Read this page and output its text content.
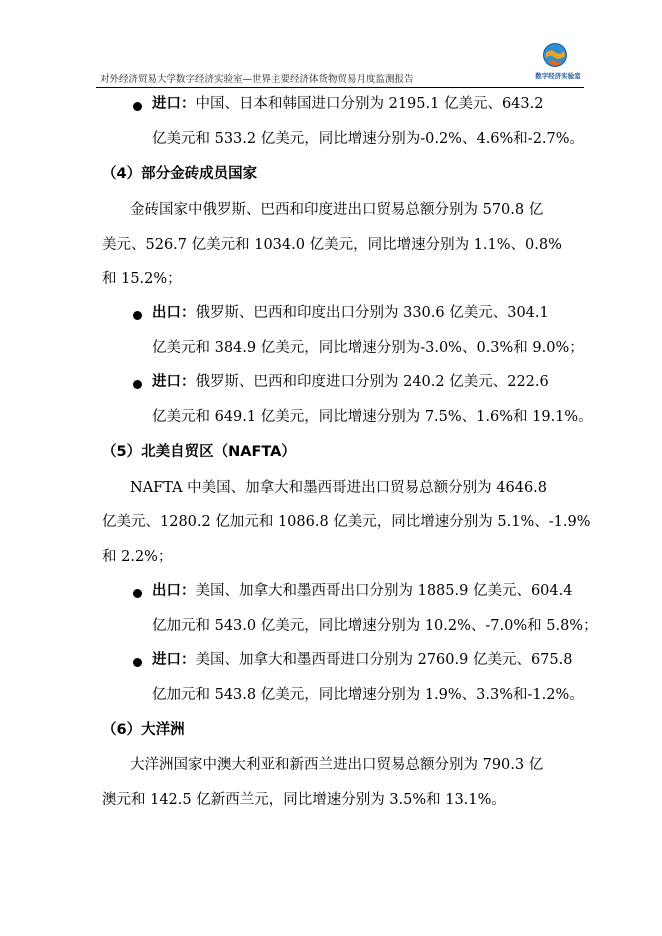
对外经济贸易大学数字经济实验室—世界主要经济体货物贸易月度监测报告	数字经济实验室
进口：中国、日本和韩国进口分别为 2195.1 亿美元、643.2
亿美元和 533.2 亿美元，同比增速分别为-0.2%、4.6%和-2.7%。
（4）部分金砖成员国家
金砖国家中俄罗斯、巴西和印度进出口贸易总额分别为 570.8 亿
美元、526.7 亿美元和 1034.0 亿美元，同比增速分别为 1.1%、0.8%
和 15.2%；
出口：俄罗斯、巴西和印度出口分别为 330.6 亿美元、304.1
亿美元和 384.9 亿美元，同比增速分别为-3.0%、0.3%和 9.0%；
进口：俄罗斯、巴西和印度进口分别为 240.2 亿美元、222.6
亿美元和 649.1 亿美元，同比增速分别为 7.5%、1.6%和 19.1%。
（5）北美自贸区（NAFTA）
NAFTA 中美国、加拿大和墨西哥进出口贸易总额分别为 4646.8
亿美元、1280.2 亿加元和 1086.8 亿美元，同比增速分别为 5.1%、-1.9%
和 2.2%；
出口：美国、加拿大和墨西哥出口分别为 1885.9 亿美元、604.4
亿加元和 543.0 亿美元，同比增速分别为 10.2%、-7.0%和 5.8%；
进口：美国、加拿大和墨西哥进口分别为 2760.9 亿美元、675.8
亿加元和 543.8 亿美元，同比增速分别为 1.9%、3.3%和-1.2%。
（6）大洋洲
大洋洲国家中澳大利亚和新西兰进出口贸易总额分别为 790.3 亿
澳元和 142.5 亿新西兰元，同比增速分别为 3.5%和 13.1%。
